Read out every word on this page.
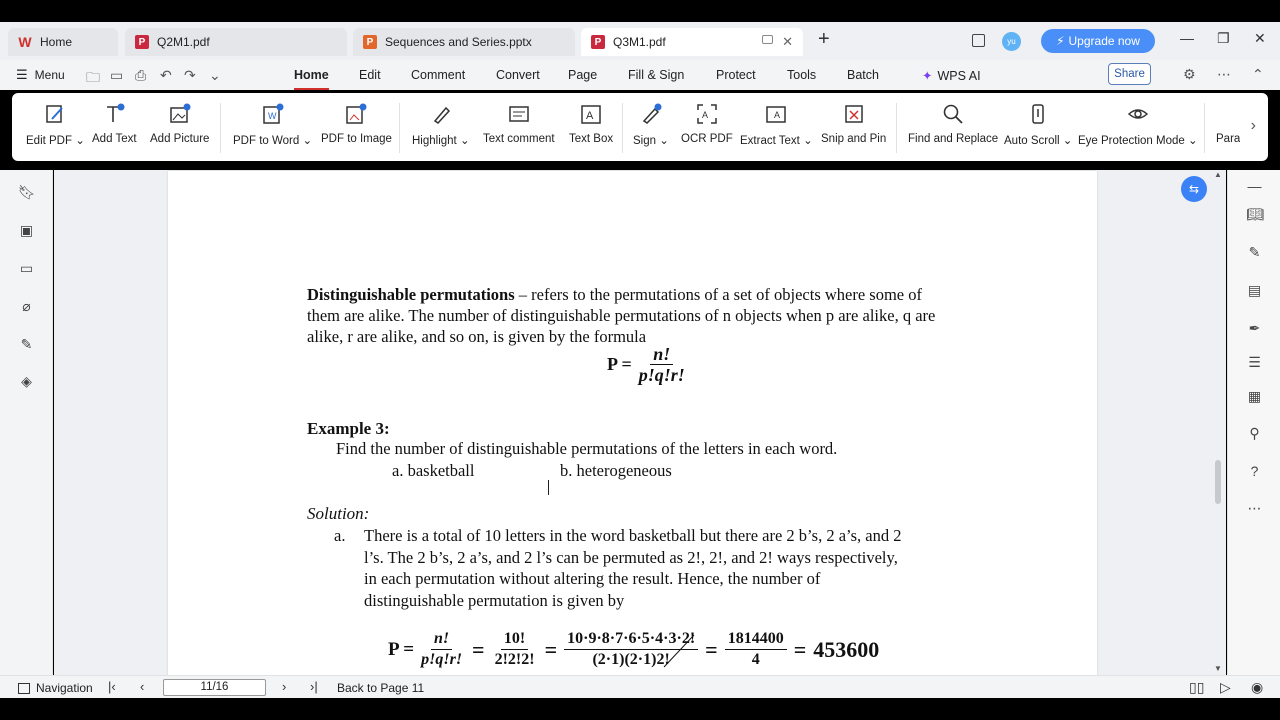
W Home	P Q2M1.pdf	P Sequences and Series.pptx	P Q3M1.pdf	✕ +	yu	⚡ Upgrade now	— ❐ ✕
☰ Menu 🗀 ▭ ⎙ ↶ ↷ ⌄	Home Edit Comment Convert Page Fill & Sign	Protect	Tools Batch	✦ WPS AI	Share	⚙ ⋯ ⌃
Edit PDF ⌄ Add Text Add Picture
W
PDF to Word ⌄ PDF to Image Highlight ⌄ Text comment
A
Text Box Sign ⌄
A
OCR PDF
A
Extract Text ⌄ Snip and Pin Find and Replace Auto Scroll ⌄ Eye Protection Mode ⌄ Para
›
🔖︎
▣
▭
⌀
✎
◈
Distinguishable permutations – refers to the permutations of a set of objects where some of
them are alike. The number of distinguishable permutations of n objects when p are alike, q are
alike, r are alike, and so on, is given by the formula
$P = \frac{n!}{p!q!r!}$
Example 3:
Find the number of distinguishable permutations of the letters in each word.
a. basketball	b. heterogeneous
Solution:
a. There is a total of 10 letters in the word basketball but there are 2 b’s, 2 a’s, and 2
l’s. The 2 b’s, 2 a’s, and 2 l’s can be permuted as 2!, 2!, and 2! ways respectively,
in each permutation without altering the result. Hence, the number of
distinguishable permutation is given by
$P = \frac{n!}{p!q!r!} = \frac{10!}{2!2!2!} = \frac{10\cdot 9\cdot 8\cdot 7\cdot 6\cdot 5\cdot 4\cdot 3\cdot 2!}{(2\cdot 1)(2\cdot 1)2!} = \frac{1814400}{4} = 453600$
▲
▼
⇆	—
📖︎
✎
▤
✒
☰
▦
⚲
?
⋯
Navigation |‹ ‹	11/16	› ›| Back to Page 11	▯▯ ▷ ◉
